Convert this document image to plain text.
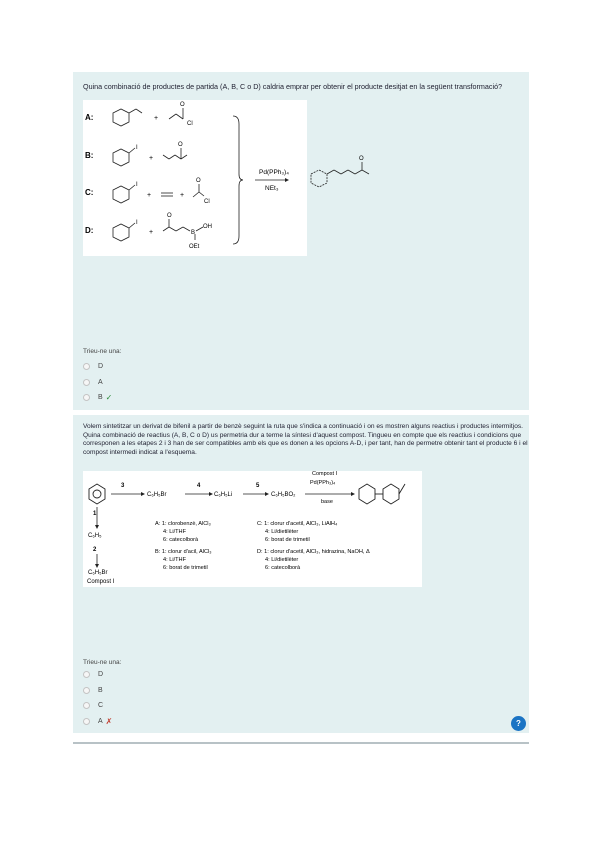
Quina combinació de productes de partida (A, B, C o D) caldria emprar per obtenir el producte desitjat en la següent transformació?
A:
B:
C:
D:
+
O
Cl
I
+
O
I
+	+
O
Cl
I
+
O
B
OH
OEt
Pd(PPh₃)₄
NEt₃
O
Trieu-ne una:
D
A
B ✓
Volem sintetitzar un derivat de bifenil a partir de benzè seguint la ruta que s'indica a continuació i on es mostren alguns reactius i productes intermitjos.
Quina combinació de reactius (A, B, C o D) us permetria dur a terme la síntesi d'aquest compost. Tingueu en compte que els reactius i condicions que
corresponen a les etapes 2 i 3 han de ser compatibles amb els que es donen a les opcions A-D, i per tant, han de permetre obtenir tant el producte 6 i el
compost intermedi indicat a l'esquema.
3
C₆H₅Br
4
C₆H₅Li
5
C₆H₅BO₂
Compost I
Pd(PPh₃)₄
base
1
C₆H₅
2
C₆H₅Br
Compost I
A: 1: clorobenzè, AlCl₃
4: Li/THF
6: catecolborà
B: 1: clorur d'acil, AlCl₃
4: Li/THF
6: borat de trimetil
C: 1: clorur d'acetil, AlCl₃, LiAlH₄
4: Li/dietilèter
6: borat de trimetil
D: 1: clorur d'acetil, AlCl₃, hidrazina, NaOH, Δ
4: Li/dietilèter
6: catecolborà
Trieu-ne una:
D
B
C
A ✗	?
